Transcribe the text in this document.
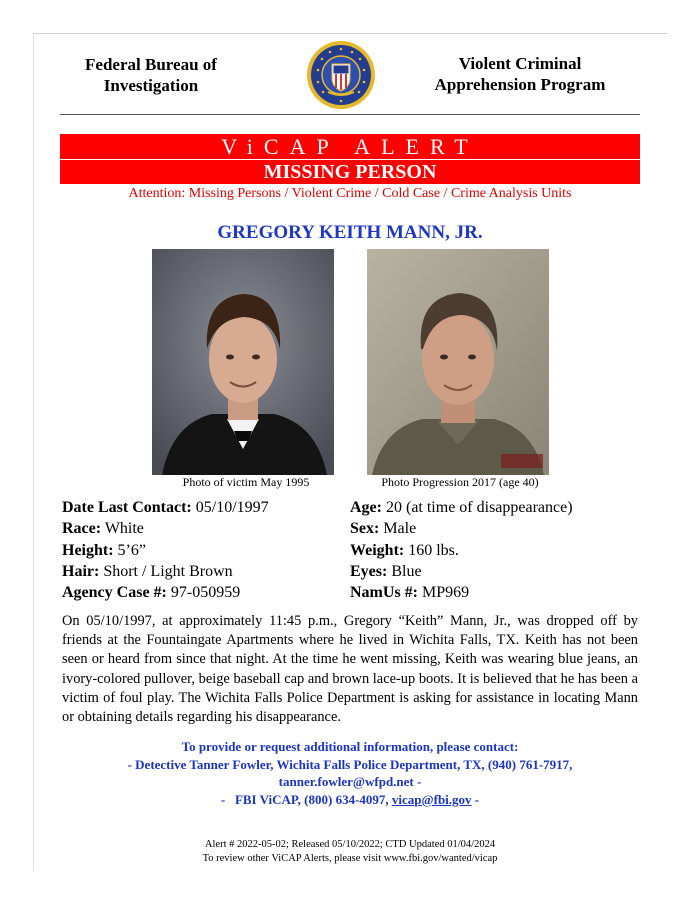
Federal Bureau of Investigation
Violent Criminal Apprehension Program
ViCAP ALERT
MISSING PERSON
Attention: Missing Persons / Violent Crime / Cold Case / Crime Analysis Units
GREGORY KEITH MANN, JR.
Photo of victim May 1995	Photo Progression 2017 (age 40)
Date Last Contact: 05/10/1997
Race: White
Height: 5’6”
Hair: Short / Light Brown
Agency Case #: 97-050959
Age: 20 (at time of disappearance)
Sex: Male
Weight: 160 lbs.
Eyes: Blue
NamUs #: MP969
On 05/10/1997, at approximately 11:45 p.m., Gregory “Keith” Mann, Jr., was dropped off by friends at the Fountaingate Apartments where he lived in Wichita Falls, TX. Keith has not been seen or heard from since that night. At the time he went missing, Keith was wearing blue jeans, an ivory-colored pullover, beige baseball cap and brown lace-up boots. It is believed that he has been a victim of foul play. The Wichita Falls Police Department is asking for assistance in locating Mann or obtaining details regarding his disappearance.
To provide or request additional information, please contact:
- Detective Tanner Fowler, Wichita Falls Police Department, TX, (940) 761-7917,
tanner.fowler@wfpd.net -
-   FBI ViCAP, (800) 634-4097, vicap@fbi.gov -
Alert # 2022-05-02; Released 05/10/2022; CTD Updated 01/04/2024
To review other ViCAP Alerts, please visit www.fbi.gov/wanted/vicap
